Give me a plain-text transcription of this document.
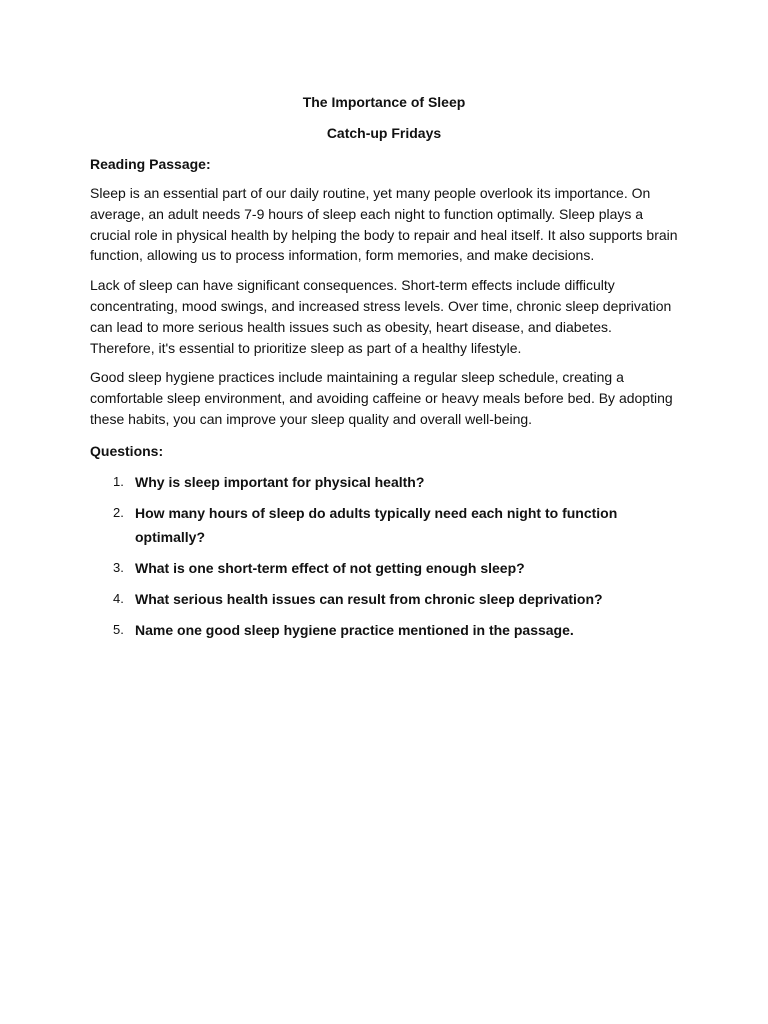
The Importance of Sleep
Catch-up Fridays
Reading Passage:

Sleep is an essential part of our daily routine, yet many people overlook its importance. On average, an adult needs 7-9 hours of sleep each night to function optimally. Sleep plays a crucial role in physical health by helping the body to repair and heal itself. It also supports brain function, allowing us to process information, form memories, and make decisions.

Lack of sleep can have significant consequences. Short-term effects include difficulty concentrating, mood swings, and increased stress levels. Over time, chronic sleep deprivation can lead to more serious health issues such as obesity, heart disease, and diabetes. Therefore, it's essential to prioritize sleep as part of a healthy lifestyle.

Good sleep hygiene practices include maintaining a regular sleep schedule, creating a comfortable sleep environment, and avoiding caffeine or heavy meals before bed. By adopting these habits, you can improve your sleep quality and overall well-being.

Questions:
1. Why is sleep important for physical health?
2. How many hours of sleep do adults typically need each night to function optimally?
3. What is one short-term effect of not getting enough sleep?
4. What serious health issues can result from chronic sleep deprivation?
5. Name one good sleep hygiene practice mentioned in the passage.
